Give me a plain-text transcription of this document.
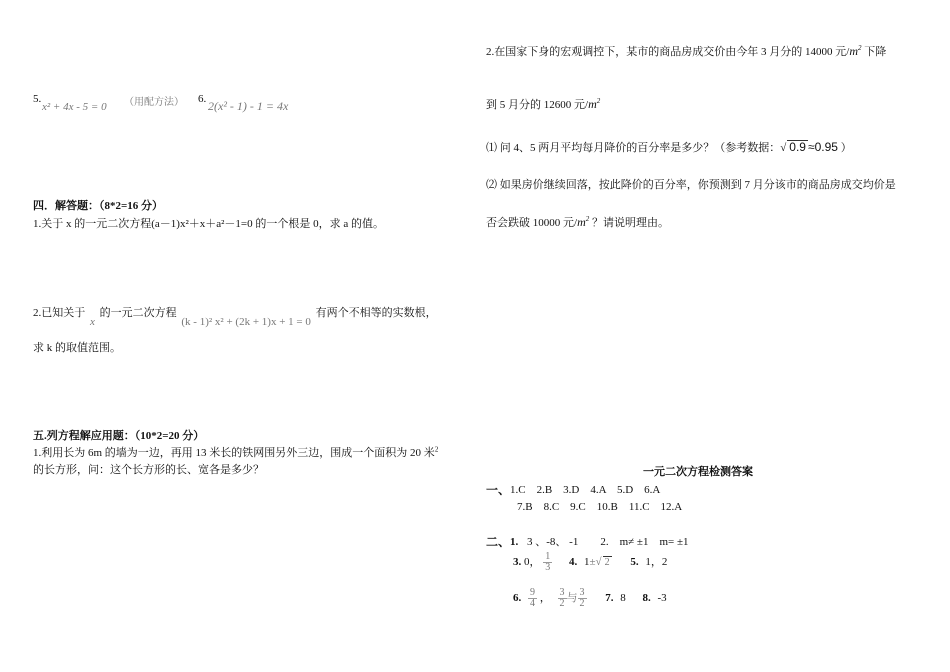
5.
x² + 4x - 5 = 0 （用配方法） 6. 2(x² - 1) - 1 = 4x
四．解答题：（8*2=16 分）
1.关于 x 的一元二次方程(a－1)x²＋x＋a²－1=0 的一个根是 0，求 a 的值。
2.已知关于 x 的一元二次方程 (k - 1)² x² + (2k + 1)x + 1 = 0 有两个不相等的实数根，
求 k 的取值范围。
五.列方程解应用题：（10*2=20 分）
1.利用长为 6m 的墙为一边，再用 13 米长的铁网围另外三边，围成一个面积为 20 米$^2$
的长方形，问：这个长方形的长、宽各是多少？
2.在国家下身的宏观调控下，某市的商品房成交价由今年 3 月分的 14000 元$/m^2$ 下降
到 5 月分的 12600 元$/m^2$
⑴ 问 4、5 两月平均每月降价的百分率是多少？（参考数据：√ 0.9 ≈0.95 ）
⑵ 如果房价继续回落，按此降价的百分率，你预测到 7 月分该市的商品房成交均价是
否会跌破 10000 元$/m^2$ ？请说明理由。
一元二次方程检测答案
一、 1.C　2.B　3.D　4.A　5.D　6.A
7.B　8.C　9.C　10.B　11.C　12.A
二、 1. 3 、-8、 -1　　2.　m≠ ±1　m= ±1
3. 0， $\frac{1}{3} 4$. 1±√ 2 5. 1，2
6. $\frac{9}{4}$ ， $\frac{3}{2}$ 与 $\frac{3}{2} 7$. 8 8. -3
